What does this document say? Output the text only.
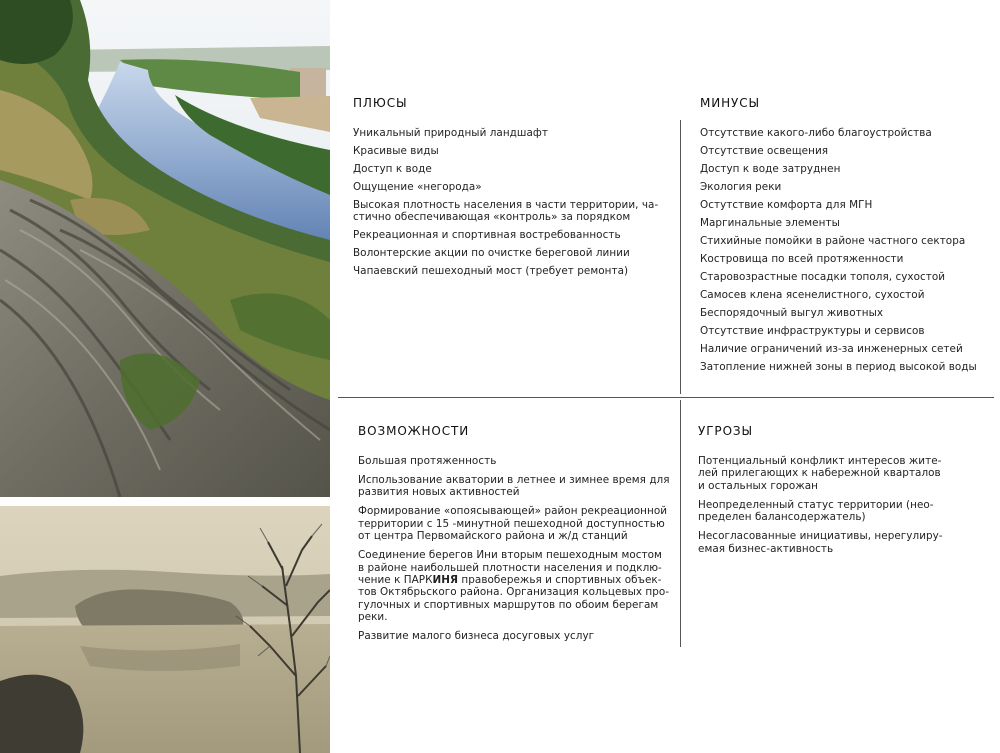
ПЛЮСЫ
Уникальный природный ландшафт
Красивые виды
Доступ к воде
Ощущение «негорода»
Высокая плотность населения в части территории, ча-
стично обеспечивающая «контроль» за порядком
Рекреационная и спортивная востребованность
Волонтерские акции по очистке береговой линии
Чапаевский пешеходный мост (требует ремонта)
МИНУСЫ
Отсутствие какого-либо благоустройства
Отсутствие освещения
Доступ к воде затруднен
Экология реки
Остутствие комфорта для МГН
Маргинальные элементы
Стихийные помойки в районе частного сектора
Кострoвища по всей протяженности
Старовозрастные посадки тополя, сухостой
Самосев клена ясенелистного, сухостой
Беспорядочный выгул животных
Отсутствие инфраструктуры и сервисов
Наличие ограничений из-за инженерных сетей
Затопление нижней зоны в период высокой воды
ВОЗМОЖНОСТИ
Большая протяженность
Использование акватории в летнее и зимнее время для
развития новых активностей
Формирование «опоясывающей» район рекреационной
территории с 15 -минутной пешеходной доступностью
от центра Первомайского района и ж/д станций
Соединение берегов Ини вторым пешеходным мостом
в районе наибольшей плотности населения и подклю-
чение к ПАРКИНЯ правобережья и спортивных объек-
тов Октябрьского района. Организация кольцевых про-
гулочных и спортивных маршрутов по обоим берегам
реки.
Развитие малого бизнеса досуговых услуг
УГРОЗЫ
Потенциальный конфликт интересов жите-
лей прилегающих к набережной кварталов
и остальных горожан
Неопределенный статус территории (нео-
пределен балансодержатель)
Несогласованные инициативы, нерегулиру-
емая бизнес-активность
